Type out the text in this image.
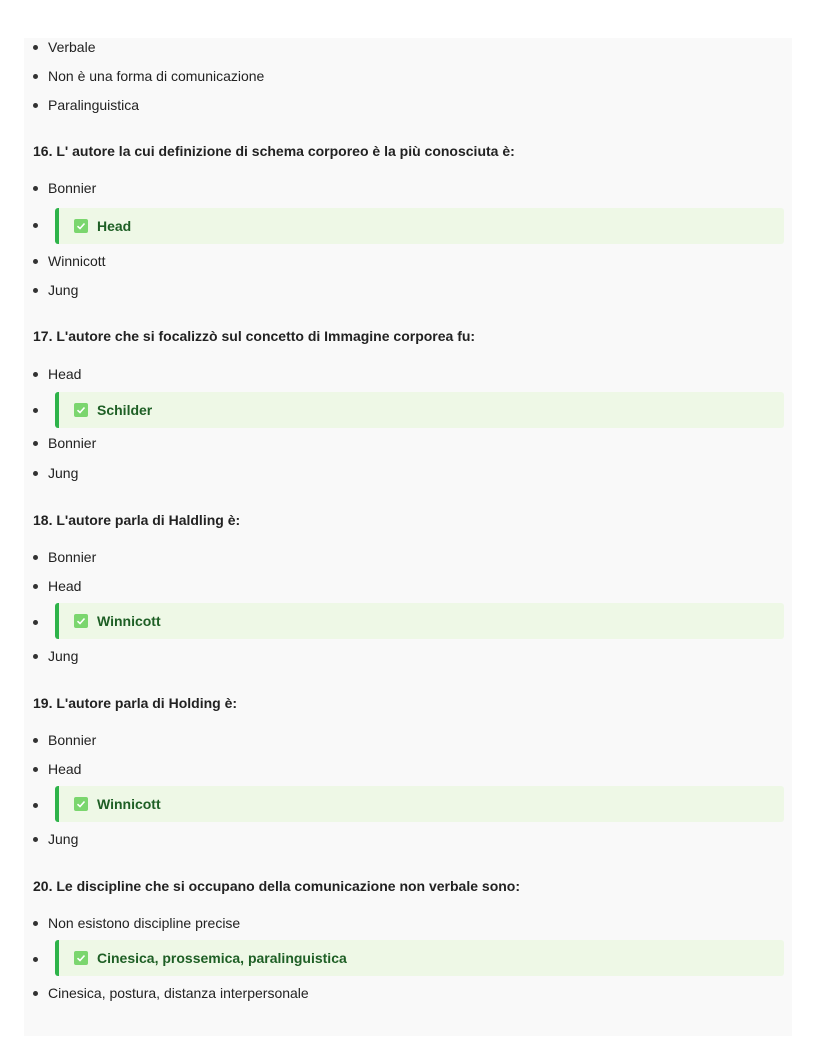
Verbale
Non è una forma di comunicazione
Paralinguistica
16. L' autore la cui definizione di schema corporeo è la più conosciuta è:
Bonnier
Head
Winnicott
Jung
17. L'autore che si focalizzò sul concetto di Immagine corporea fu:
Head
Schilder
Bonnier
Jung
18. L'autore parla di Haldling è:
Bonnier
Head
Winnicott
Jung
19. L'autore parla di Holding è:
Bonnier
Head
Winnicott
Jung
20. Le discipline che si occupano della comunicazione non verbale sono:
Non esistono discipline precise
Cinesica, prossemica, paralinguistica
Cinesica, postura, distanza interpersonale
